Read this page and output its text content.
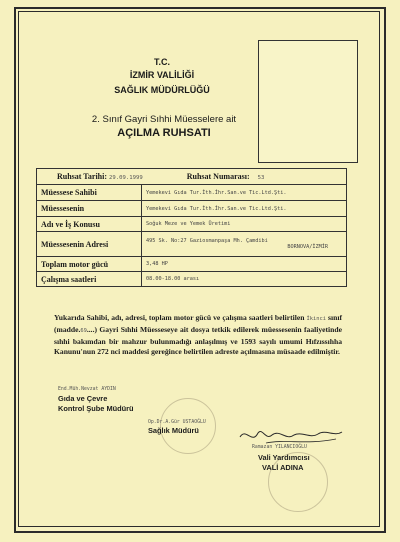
T.C.
İZMİR VALİLİĞİ
SAĞLIK MÜDÜRLÜĞÜ
2. Sınıf Gayri Sıhhi Müesselere ait
AÇILMA RUHSATI
Ruhsat Tarihi: 29.09.1999 Ruhsat Numarası: 53	
Müessese Sahibi	Yemekevi Gıda Tur.İth.İhr.San.ve Tic.Ltd.Şti.
Müessesenin	Yemekevi Gıda Tur.İth.İhr.San.ve Tic.Ltd.Şti.
Adı ve İş Konusu	Soğuk Meze ve Yemek Üretimi
Müessesenin Adresi	495 Sk. No:27 Gaziosmanpaşa Mh. Çamdibi
BORNOVA/İZMİR

Toplam motor gücü	3,48 HP
Çalışma saatleri	08.00-18.00 arası
Yukarıda Sahibi, adı, adresi, toplam motor gücü ve çalışma saatleri belirtilen İkinci sınıf (madde.69....) Gayri Sıhhi Müesseseye ait dosya tetkik edilerek müessesenin faaliyetinde sıhhi bakımdan bir mahzur bulunmadığı anlaşılmış ve 1593 sayılı umumi Hıfzıssıhha Kanunu'nun 272 nci maddesi gereğince belirtilen adreste açılmasına müsaade edilmiştir.
End.Müh.Nevzat AYDIN
Gıda ve Çevre
Kontrol Şube Müdürü
Op.Dr.A.Gür USTAOĞLU
Sağlık Müdürü
Ramazan YILANCIOĞLU
Vali Yardımcısı
VALİ ADINA
